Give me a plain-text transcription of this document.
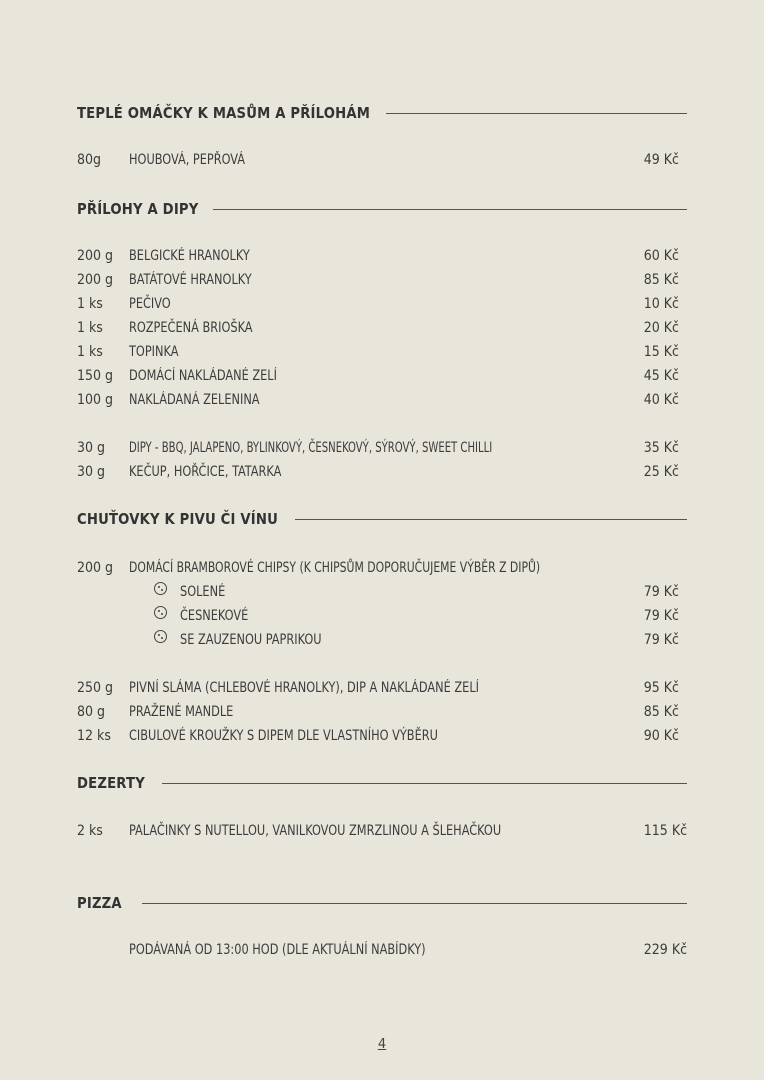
TEPLÉ OMÁČKY K MASŮM A PŘÍLOHÁM
80g HOUBOVÁ, PEPŘOVÁ	49 Kč
PŘÍLOHY A DIPY
200 g BELGICKÉ HRANOLKY	60 Kč
200 g BATÁTOVÉ HRANOLKY	85 Kč
1 ks PEČIVO	10 Kč
1 ks ROZPEČENÁ BRIOŠKA	20 Kč
1 ks TOPINKA	15 Kč
150 g DOMÁCÍ NAKLÁDANÉ ZELÍ	45 Kč
100 g NAKLÁDANÁ ZELENINA	40 Kč
30 g DIPY - BBQ, JALAPENO, BYLINKOVÝ, ČESNEKOVÝ, SÝROVÝ, SWEET CHILLI	35 Kč
30 g KEČUP, HOŘČICE, TATARKA	25 Kč
CHUŤOVKY K PIVU ČI VÍNU
200 g DOMÁCÍ BRAMBOROVÉ CHIPSY (K CHIPSŮM DOPORUČUJEME VÝBĚR Z DIPŮ)
SOLENÉ	79 Kč
ČESNEKOVÉ	79 Kč
SE ZAUZENOU PAPRIKOU	79 Kč
250 g PIVNÍ SLÁMA (CHLEBOVÉ HRANOLKY), DIP A NAKLÁDANÉ ZELÍ	95 Kč
80 g PRAŽENÉ MANDLE	85 Kč
12 ks CIBULOVÉ KROUŽKY S DIPEM DLE VLASTNÍHO VÝBĚRU	90 Kč
DEZERTY
2 ks PALAČINKY S NUTELLOU, VANILKOVOU ZMRZLINOU A ŠLEHAČKOU	115 Kč
PIZZA
PODÁVANÁ OD 13:00 HOD (DLE AKTUÁLNÍ NABÍDKY)	229 Kč
4
